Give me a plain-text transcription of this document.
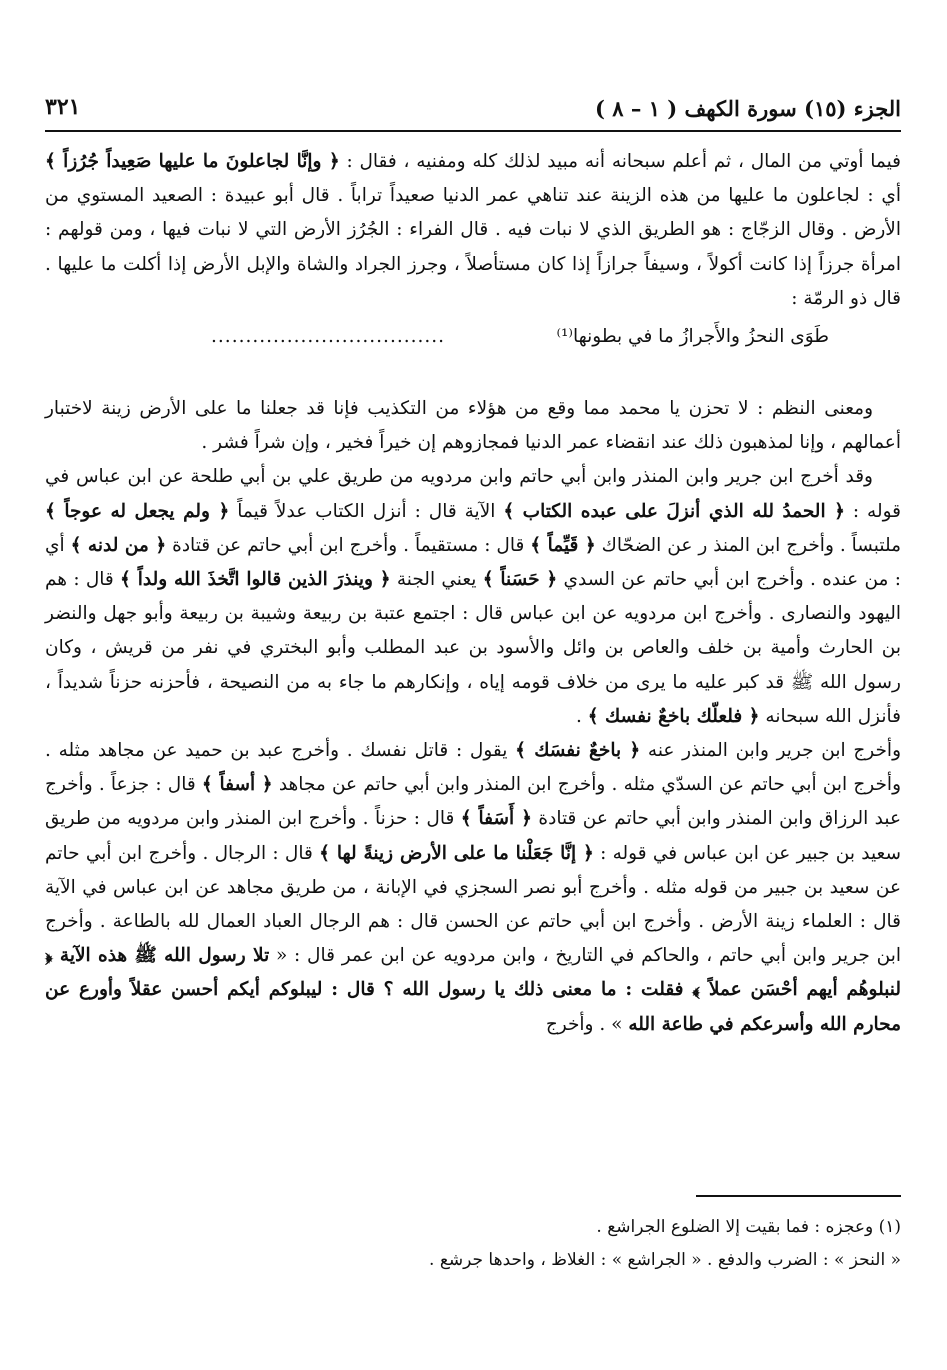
الجزء (١٥) سورة الكهف ( ١ – ٨ )
٣٢١

فيما أوتي من المال ، ثم أعلم سبحانه أنه مبيد لذلك كله ومفنيه ، فقال : ﴿ وإنَّا لجاعلونَ ما عليها صَعِيداً جُرُزاً ﴾ أي : لجاعلون ما عليها من هذه الزينة عند تناهي عمر الدنيا صعيداً تراباً . قال أبو عبيدة : الصعيد المستوي من الأرض . وقال الزجّاج : هو الطريق الذي لا نبات فيه . قال الفراء : الجُرُز الأرض التي لا نبات فيها ، ومن قولهم : امرأة جرزاً إذا كانت أكولاً ، وسيفاً جرازاً إذا كان مستأصلاً ، وجرز الجراد والشاة والإبل الأرض إذا أكلت ما عليها . قال ذو الرمّة :

طَوَى النحزُ والأَجرازُ ما في بطونها⁽¹⁾
..................................

ومعنى النظم : لا تحزن يا محمد مما وقع من هؤلاء من التكذيب فإنا قد جعلنا ما على الأرض زينة لاختبار أعمالهم ، وإنا لمذهبون ذلك عند انقضاء عمر الدنيا فمجازوهم إن خيراً فخير ، وإن شراً فشر .

وقد أخرج ابن جرير وابن المنذر وابن أبي حاتم وابن مردويه من طريق علي بن أبي طلحة عن ابن عباس في قوله : ﴿ الحمدُ لله الذي أنزلَ على عبده الكتاب ﴾ الآية قال : أنزل الكتاب عدلاً قيماً ﴿ ولم يجعل له عوجاً ﴾ ملتبساً . وأخرج ابن المنذ ر عن الضحّاك ﴿ قَيِّماً ﴾ قال : مستقيماً . وأخرج ابن أبي حاتم عن قتادة ﴿ من لدنه ﴾ أي : من عنده . وأخرج ابن أبي حاتم عن السدي ﴿ حَسَناً ﴾ يعني الجنة ﴿ وينذرَ الذين قالوا اتَّخذَ الله ولداً ﴾ قال : هم اليهود والنصارى . وأخرج ابن مردويه عن ابن عباس قال : اجتمع عتبة بن ربيعة وشيبة بن ربيعة وأبو جهل والنضر بن الحارث وأمية بن خلف والعاص بن وائل والأسود بن عبد المطلب وأبو البختري في نفر من قريش ، وكان رسول الله ﷺ قد كبر عليه ما يرى من خلاف قومه إياه ، وإنكارهم ما جاء به من النصيحة ، فأحزنه حزناً شديداً ، فأنزل الله سبحانه ﴿ فلعلّك باخعٌ نفسك ﴾ .

وأخرج ابن جرير وابن المنذر عنه ﴿ باخعٌ نفسَك ﴾ يقول : قاتل نفسك . وأخرج عبد بن حميد عن مجاهد مثله . وأخرج ابن أبي حاتم عن السدّي مثله . وأخرج ابن المنذر وابن أبي حاتم عن مجاهد ﴿ أسفاً ﴾ قال : جزعاً . وأخرج عبد الرزاق وابن المنذر وابن أبي حاتم عن قتادة ﴿ أَسَفاً ﴾ قال : حزناً . وأخرج ابن المنذر وابن مردويه من طريق سعيد بن جبير عن ابن عباس في قوله : ﴿ إنَّا جَعَلْنا ما على الأرض زينةً لها ﴾ قال : الرجال . وأخرج ابن أبي حاتم عن سعيد بن جبير من قوله مثله . وأخرج أبو نصر السجزي في الإبانة ، من طريق مجاهد عن ابن عباس في الآية قال : العلماء زينة الأرض . وأخرج ابن أبي حاتم عن الحسن قال : هم الرجال العباد العمال لله بالطاعة . وأخرج ابن جرير وابن أبي حاتم ، والحاكم في التاريخ ، وابن مردويه عن ابن عمر قال : « تلا رسول الله ﷺ هذه الآية ﴿ لنبلوهُم أيهم أحْسَن عملاً ﴾ فقلت : ما معنى ذلك يا رسول الله ؟ قال : ليبلوكم أيكم أحسن عقلاً وأورع عن محارم الله وأسرعكم في طاعة الله » . وأخرج

(١) وعجزه : فما بقيت إلا الضلوع الجراشع .

« النحز » : الضرب والدفع . « الجراشع » : الغلاظ ، واحدها جرشع .
